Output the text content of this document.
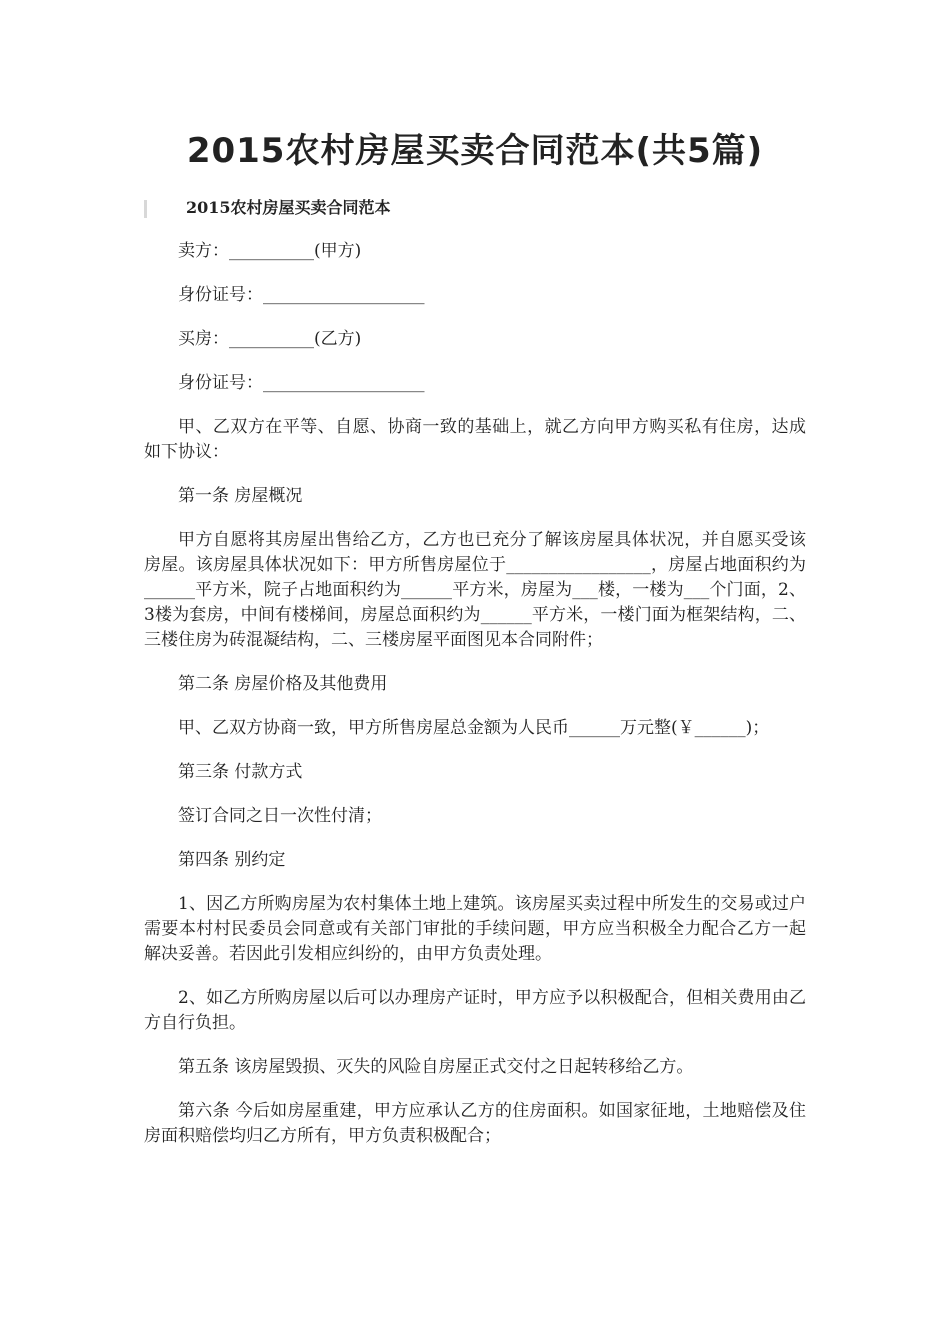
2015农村房屋买卖合同范本(共5篇)
2015农村房屋买卖合同范本

卖方：__________(甲方)

身份证号：___________________

买房：__________(乙方)

身份证号：___________________

甲、乙双方在平等、自愿、协商一致的基础上，就乙方向甲方购买私有住房，达成如下协议：

第一条 房屋概况

甲方自愿将其房屋出售给乙方，乙方也已充分了解该房屋具体状况，并自愿买受该房屋。该房屋具体状况如下：甲方所售房屋位于_________________，房屋占地面积约为______平方米，院子占地面积约为______平方米，房屋为___楼，一楼为___个门面，2、3楼为套房，中间有楼梯间，房屋总面积约为______平方米，一楼门面为框架结构，二、三楼住房为砖混凝结构，二、三楼房屋平面图见本合同附件；

第二条 房屋价格及其他费用

甲、乙双方协商一致，甲方所售房屋总金额为人民币______万元整(￥______)；

第三条 付款方式

签订合同之日一次性付清；

第四条 别约定

1、因乙方所购房屋为农村集体土地上建筑。该房屋买卖过程中所发生的交易或过户需要本村村民委员会同意或有关部门审批的手续问题，甲方应当积极全力配合乙方一起解决妥善。若因此引发相应纠纷的，由甲方负责处理。

2、如乙方所购房屋以后可以办理房产证时，甲方应予以积极配合，但相关费用由乙方自行负担。

第五条 该房屋毁损、灭失的风险自房屋正式交付之日起转移给乙方。

第六条 今后如房屋重建，甲方应承认乙方的住房面积。如国家征地，土地赔偿及住房面积赔偿均归乙方所有，甲方负责积极配合；
